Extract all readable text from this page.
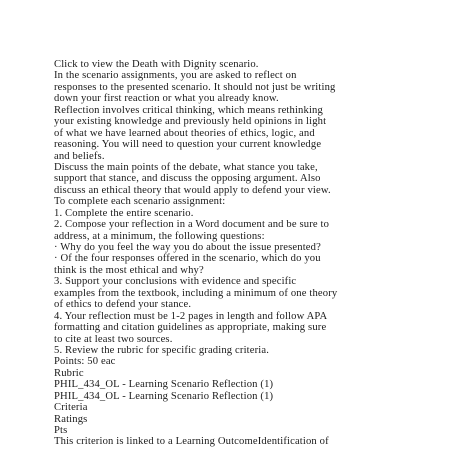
Click to view the Death with Dignity scenario.
In the scenario assignments, you are asked to reflect on
responses to the presented scenario. It should not just be writing
down your first reaction or what you already know.
Reflection involves critical thinking, which means rethinking
your existing knowledge and previously held opinions in light
of what we have learned about theories of ethics, logic, and
reasoning. You will need to question your current knowledge
and beliefs.
Discuss the main points of the debate, what stance you take,
support that stance, and discuss the opposing argument. Also
discuss an ethical theory that would apply to defend your view.
To complete each scenario assignment:
1. Complete the entire scenario.
2. Compose your reflection in a Word document and be sure to
address, at a minimum, the following questions:
· Why do you feel the way you do about the issue presented?
· Of the four responses offered in the scenario, which do you
think is the most ethical and why?
3. Support your conclusions with evidence and specific
examples from the textbook, including a minimum of one theory
of ethics to defend your stance.
4. Your reflection must be 1-2 pages in length and follow APA
formatting and citation guidelines as appropriate, making sure
to cite at least two sources.
5. Review the rubric for specific grading criteria.
Points: 50 eac
Rubric
PHIL_434_OL - Learning Scenario Reflection (1)
PHIL_434_OL - Learning Scenario Reflection (1)
Criteria
Ratings
Pts
This criterion is linked to a Learning OutcomeIdentification of
